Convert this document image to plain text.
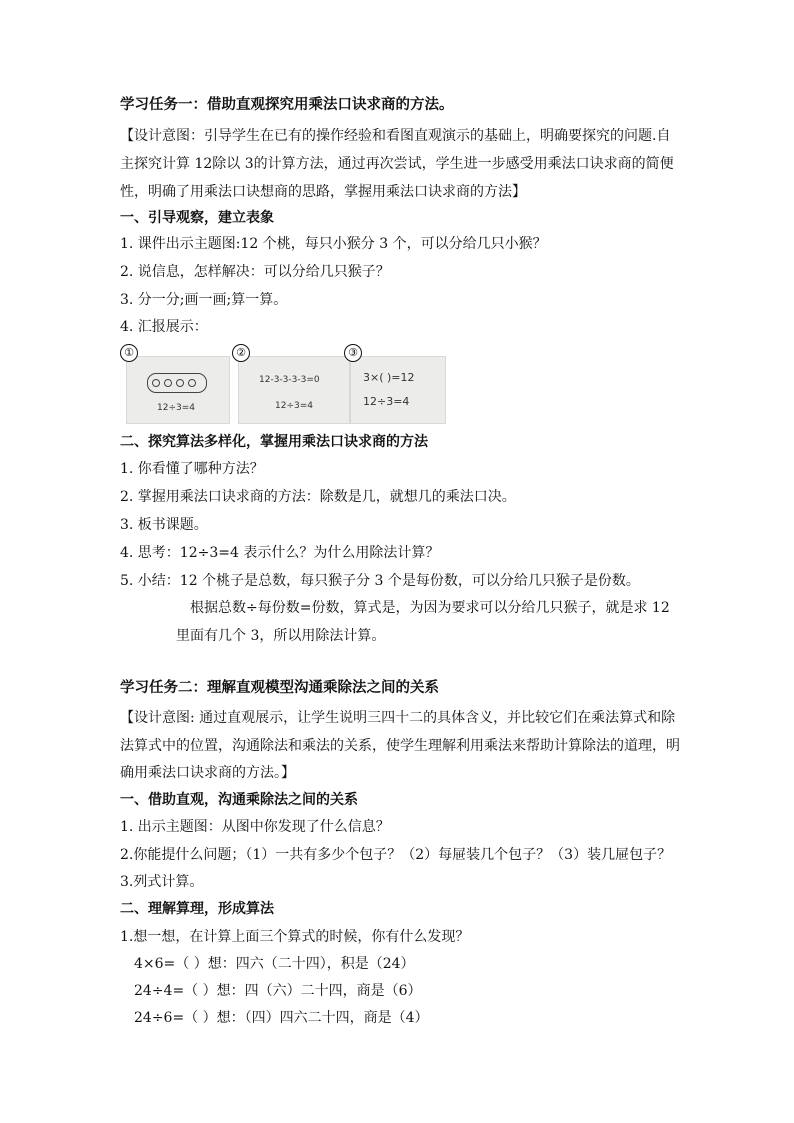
学习任务一：借助直观探究用乘法口诀求商的方法。
【设计意图：引导学生在已有的操作经验和看图直观演示的基础上，明确要探究的问题.自
主探究计算 12除以 3的计算方法，通过再次尝试，学生进一步感受用乘法口诀求商的简便
性，明确了用乘法口诀想商的思路，掌握用乘法口诀求商的方法】
一、引导观察，建立表象
1. 课件出示主题图:12 个桃，每只小猴分 3 个，可以分给几只小猴？
2. 说信息，怎样解决：可以分给几只猴子？
3. 分一分;画一画;算一算。
4. 汇报展示：
①
12÷3=4
②
12-3-3-3-3=0
12÷3=4
③
3×( )=12
12÷3=4
二、探究算法多样化，掌握用乘法口诀求商的方法
1. 你看懂了哪种方法？
2. 掌握用乘法口诀求商的方法：除数是几，就想几的乘法口决。
3. 板书课题。
4. 思考：12÷3=4 表示什么？为什么用除法计算？
5. 小结：12 个桃子是总数，每只猴子分 3 个是每份数，可以分给几只猴子是份数。
根据总数÷每份数=份数，算式是，为因为要求可以分给几只猴子，就是求 12
里面有几个 3，所以用除法计算。
学习任务二：理解直观模型沟通乘除法之间的关系
【设计意图: 通过直观展示，让学生说明三四十二的具体含义，并比较它们在乘法算式和除
法算式中的位置，沟通除法和乘法的关系，使学生理解利用乘法来帮助计算除法的道理，明
确用乘法口诀求商的方法。】
一、借助直观，沟通乘除法之间的关系
1. 出示主题图：从图中你发现了什么信息？
2.你能提什么问题；（1）一共有多少个包子？（2）每屉装几个包子？（3）装几屉包子？
3.列式计算。
二、理解算理，形成算法
1.想一想，在计算上面三个算式的时候，你有什么发现？
4×6=（ ）想：四六（二十四），积是（24）
24÷4=（ ）想：四（六）二十四，商是（6）
24÷6=（ ）想：（四）四六二十四，商是（4）
